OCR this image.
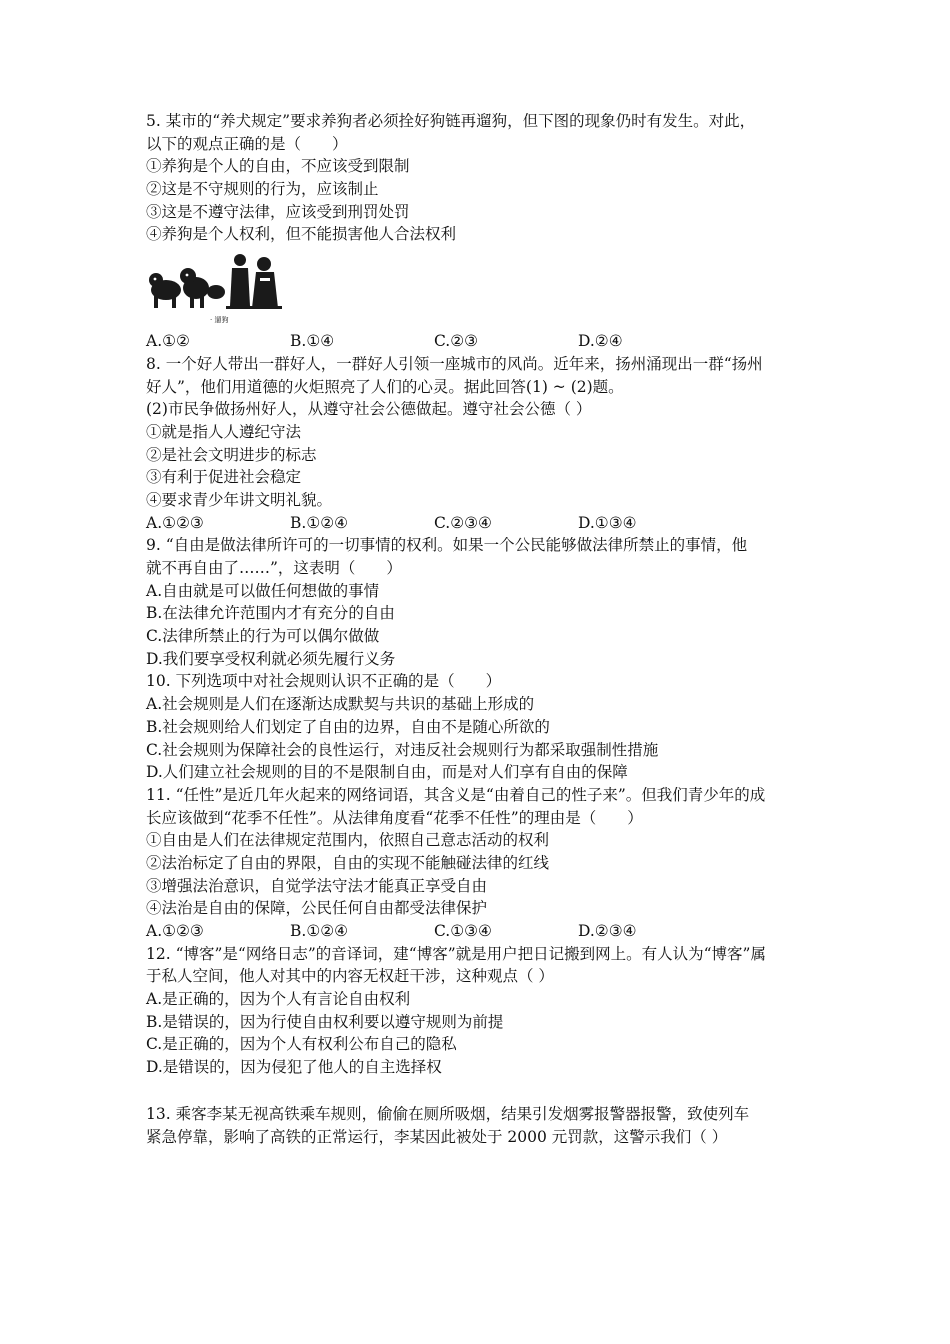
5. 某市的“养犬规定”要求养狗者必须拴好狗链再遛狗，但下图的现象仍时有发生。对此，
以下的观点正确的是（　　）
①养狗是个人的自由，不应该受到限制
②这是不守规则的行为，应该制止
③这是不遵守法律，应该受到刑罚处罚
④养狗是个人权利，但不能损害他人合法权利
· 遛狗
A.①②	B.①④	C.②③	D.②④
8. 一个好人带出一群好人，一群好人引领一座城市的风尚。近年来，扬州涌现出一群“扬州
好人”，他们用道德的火炬照亮了人们的心灵。据此回答(1) ~ (2)题。
(2)市民争做扬州好人，从遵守社会公德做起。遵守社会公德（ ）
①就是指人人遵纪守法
②是社会文明进步的标志
③有利于促进社会稳定
④要求青少年讲文明礼貌。
A.①②③	B.①②④	C.②③④	D.①③④
9. “自由是做法律所许可的一切事情的权利。如果一个公民能够做法律所禁止的事情，他
就不再自由了……”，这表明（　　）
A.自由就是可以做任何想做的事情
B.在法律允许范围内才有充分的自由
C.法律所禁止的行为可以偶尔做做
D.我们要享受权利就必须先履行义务
10. 下列选项中对社会规则认识不正确的是（　　）
A.社会规则是人们在逐渐达成默契与共识的基础上形成的
B.社会规则给人们划定了自由的边界，自由不是随心所欲的
C.社会规则为保障社会的良性运行，对违反社会规则行为都采取强制性措施
D.人们建立社会规则的目的不是限制自由，而是对人们享有自由的保障
11. “任性”是近几年火起来的网络词语，其含义是“由着自己的性子来”。但我们青少年的成
长应该做到“花季不任性”。从法律角度看“花季不任性”的理由是（　　）
①自由是人们在法律规定范围内，依照自己意志活动的权利
②法治标定了自由的界限，自由的实现不能触碰法律的红线
③增强法治意识，自觉学法守法才能真正享受自由
④法治是自由的保障，公民任何自由都受法律保护
A.①②③	B.①②④	C.①③④	D.②③④
12. “博客”是“网络日志”的音译词，建“博客”就是用户把日记搬到网上。有人认为“博客”属
于私人空间，他人对其中的内容无权赶干涉，这种观点（ ）
A.是正确的，因为个人有言论自由权利
B.是错误的，因为行使自由权利要以遵守规则为前提
C.是正确的，因为个人有权利公布自己的隐私
D.是错误的，因为侵犯了他人的自主选择权
13. 乘客李某无视高铁乘车规则，偷偷在厕所吸烟，结果引发烟雾报警器报警，致使列车
紧急停靠，影响了高铁的正常运行，李某因此被处于 2000 元罚款，这警示我们（ ）
